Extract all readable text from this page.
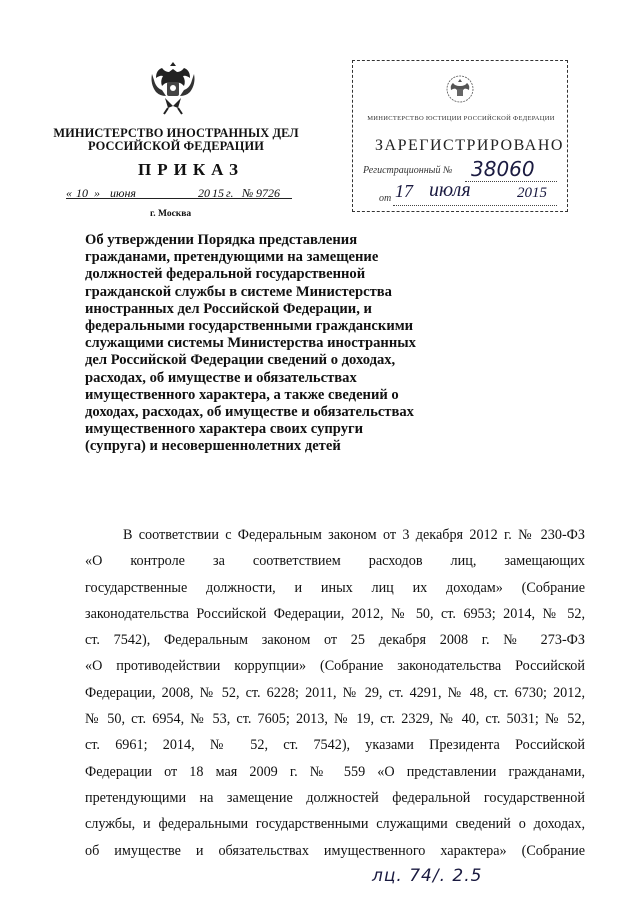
МИНИСТЕРСТВО ИНОСТРАННЫХ ДЕЛ
РОССИЙСКОЙ ФЕДЕРАЦИИ
ПРИКАЗ
« 10 » июня	20 15 г. № 9726
г. Москва
МИНИСТЕРСТВО ЮСТИЦИИ РОССИЙСКОЙ ФЕДЕРАЦИИ
ЗАРЕГИСТРИРОВАНО
Регистрационный № 38060
от 17 июля	2015
Об утверждении Порядка представления
гражданами, претендующими на замещение
должностей федеральной государственной
гражданской службы в системе Министерства
иностранных дел Российской Федерации, и
федеральными государственными гражданскими
служащими системы Министерства иностранных
дел Российской Федерации сведений о доходах,
расходах, об имуществе и обязательствах
имущественного характера, а также сведений о
доходах, расходах, об имуществе и обязательствах
имущественного характера своих супруги
(супруга) и несовершеннолетних детей
В соответствии с Федеральным законом от 3 декабря 2012 г. № 230-ФЗ
«О контроле за соответствием расходов лиц, замещающих
государственные должности, и иных лиц их доходам» (Собрание
законодательства Российской Федерации, 2012, № 50, ст. 6953; 2014, № 52,
ст. 7542), Федеральным законом от 25 декабря 2008 г. № 273-ФЗ
«О противодействии коррупции» (Собрание законодательства Российской
Федерации, 2008, № 52, ст. 6228; 2011, № 29, ст. 4291, № 48, ст. 6730; 2012,
№ 50, ст. 6954, № 53, ст. 7605; 2013, № 19, ст. 2329, № 40, ст. 5031; № 52,
ст. 6961; 2014, № 52, ст. 7542), указами Президента Российской
Федерации от 18 мая 2009 г. № 559 «О представлении гражданами,
претендующими на замещение должностей федеральной государственной
службы, и федеральными государственными служащими сведений о доходах,
об имуществе и обязательствах имущественного характера» (Собрание
лц. 74/. 2.5
